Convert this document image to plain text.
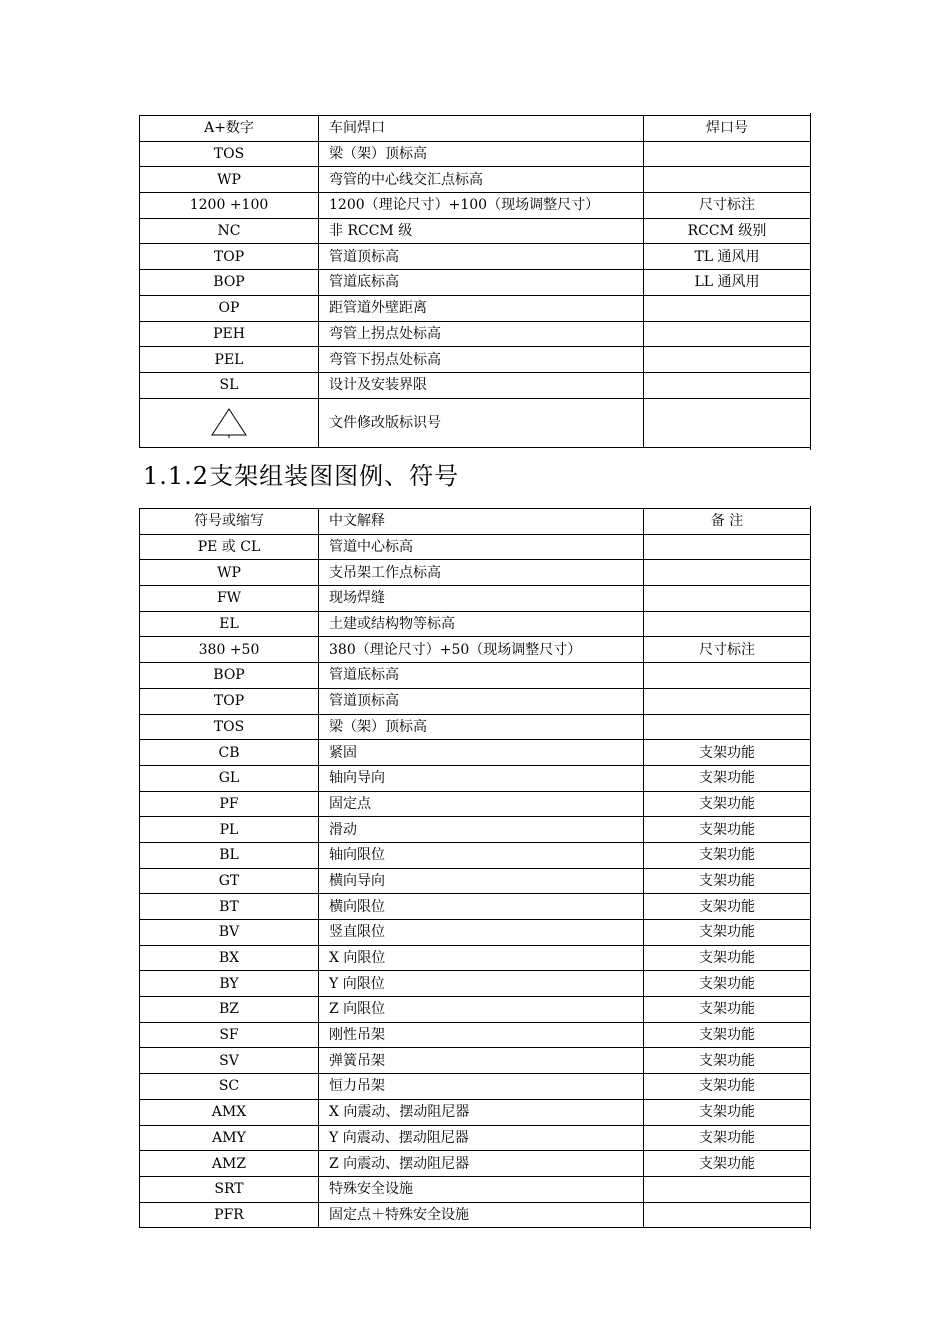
A+数字	车间焊口	焊口号
TOS	梁（架）顶标高	
WP	弯管的中心线交汇点标高	
1200 +100	1200（理论尺寸）+100（现场调整尺寸）	尺寸标注
NC	非 RCCM 级	RCCM 级别
TOP	管道顶标高	TL 通风用
BOP	管道底标高	LL 通风用
OP	距管道外壁距离	
PEH	弯管上拐点处标高	
PEL	弯管下拐点处标高	
SL	设计及安装界限	

	文件修改版标识号	
1.1.2支架组装图图例、符号
符号或缩写	中文解释	备 注
PE 或 CL	管道中心标高	
WP	支吊架工作点标高	
FW	现场焊缝	
EL	土建或结构物等标高	
380 +50	380（理论尺寸）+50（现场调整尺寸）	尺寸标注
BOP	管道底标高	
TOP	管道顶标高	
TOS	梁（架）顶标高	
CB	紧固	支架功能
GL	轴向导向	支架功能
PF	固定点	支架功能
PL	滑动	支架功能
BL	轴向限位	支架功能
GT	横向导向	支架功能
BT	横向限位	支架功能
BV	竖直限位	支架功能
BX	X 向限位	支架功能
BY	Y 向限位	支架功能
BZ	Z 向限位	支架功能
SF	刚性吊架	支架功能
SV	弹簧吊架	支架功能
SC	恒力吊架	支架功能
AMX	X 向震动、摆动阻尼器	支架功能
AMY	Y 向震动、摆动阻尼器	支架功能
AMZ	Z 向震动、摆动阻尼器	支架功能
SRT	特殊安全设施	
PFR	固定点＋特殊安全设施	
